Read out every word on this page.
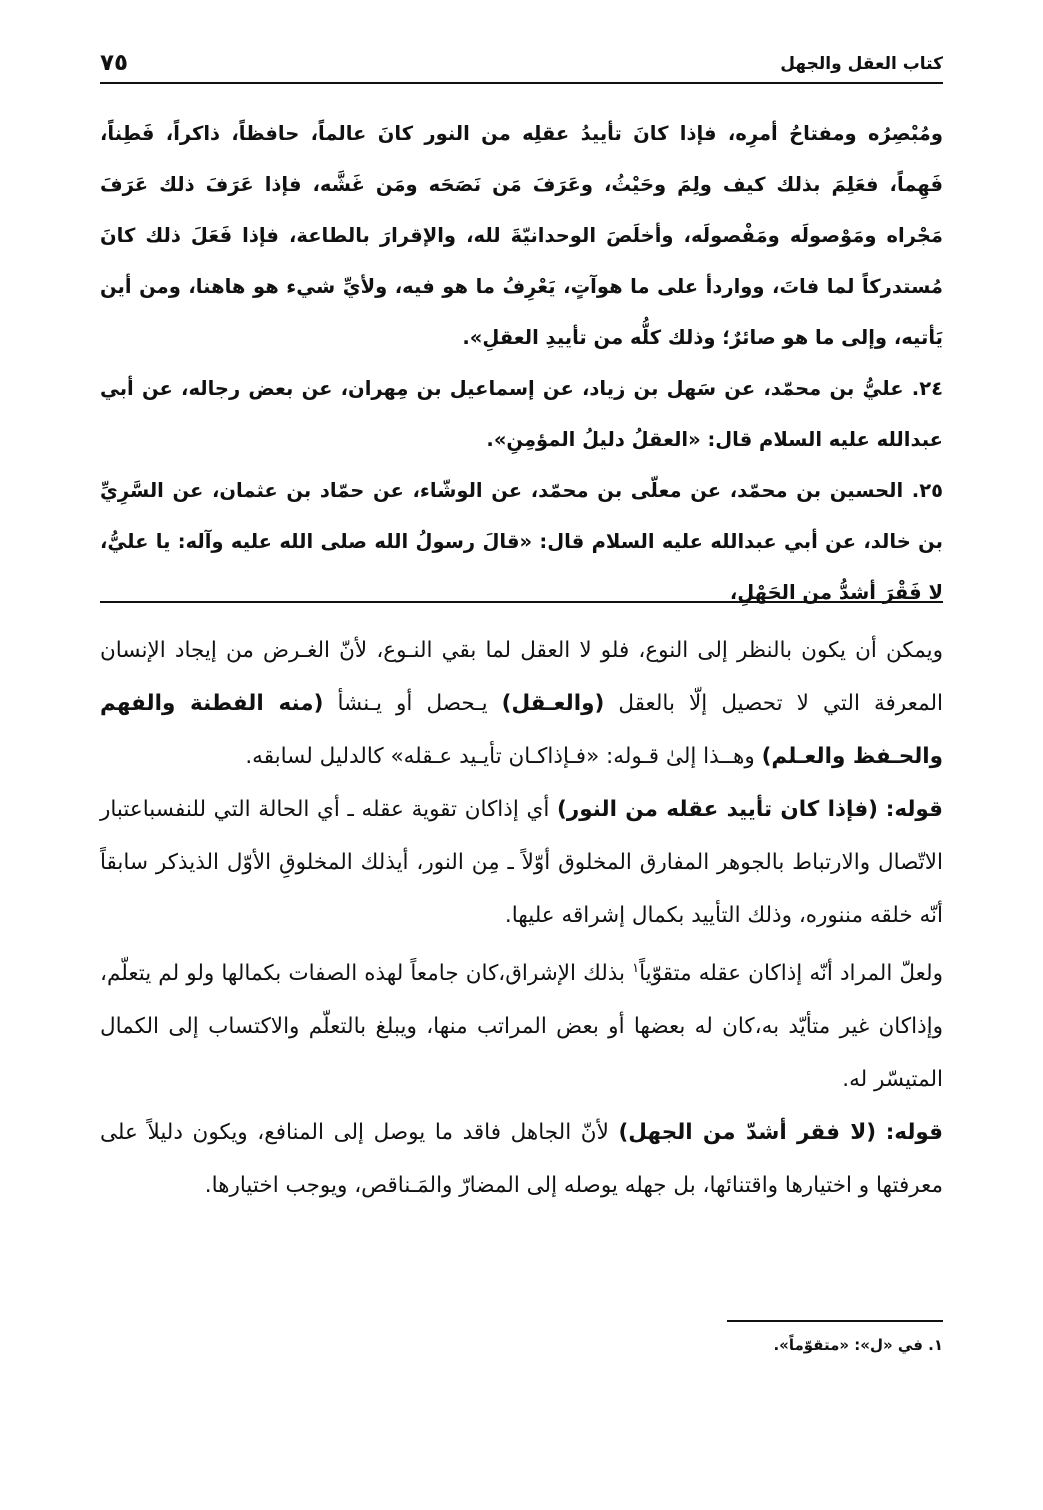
كتاب العقل والجهل
٧٥

ومُبْصِرُه ومفتاحُ أمرِه، فإذا كانَ تأييدُ عقلِه من النور كانَ عالماً، حافظاً، ذاكراً، فَطِناً، فَهِماً، فعَلِمَ بذلك كيف ولِمَ وحَيْثُ، وعَرَفَ مَن نَصَحَه ومَن غَشَّه، فإذا عَرَفَ ذلك عَرَفَ مَجْراه ومَوْصولَه ومَفْصولَه، وأخلَصَ الوحدانيّةَ لله، والإقرارَ بالطاعة، فإذا فَعَلَ ذلك كانَ مُستدركاً لما فاتَ، وواردأ على ما هوآتٍ، يَعْرِفُ ما هو فيه، ولأيِّ شيء هو هاهنا، ومن أين يَأتيه، وإلى ما هو صائرٌ؛ وذلك كلُّه من تأييدِ العقلِ».

٢٤. عليُّ بن محمّد، عن سَهل بن زياد، عن إسماعيل بن مِهران، عن بعض رجاله، عن أبي عبدالله عليه السلام قال: «العقلُ دليلُ المؤمِنِ».

٢٥. الحسين بن محمّد، عن معلّى بن محمّد، عن الوشّاء، عن حمّاد بن عثمان، عن السَّرِيِّ بن خالد، عن أبي عبدالله عليه السلام قال: «قالَ رسولُ الله صلى الله عليه وآله: يا عليُّ، لا فَقْرَ أشدُّ من الجَهْلِ،

ويمكن أن يكون بالنظر إلى النوع، فلو لا العقل لما بقي النـوع، لأنّ الغـرض من إيجاد الإنسان المعرفة التي لا تحصيل إلّا بالعقل (والعـقل) يـحصل أو يـنشأ (منه الفطنة والفهم والحـفظ والعـلم) وهــذا إلىٰ قـوله: «فـإذاكـان تأيـيد عـقله» كالدليل لسابقه.

قوله: (فإذا كان تأييد عقله من النور) أي إذاكان تقوية عقله ـ أي الحالة التي للنفسباعتبار الاتّصال والارتباط بالجوهر المفارق المخلوق أوّلاً ـ مِن النور، أيذلك المخلوقِ الأوّل الذيذكر سابقاً أنّه خلقه مننوره، وذلك التأييد بكمال إشراقه عليها.

ولعلّ المراد أنّه إذاكان عقله متقوّياً$^١$ بذلك الإشراق،كان جامعاً لهذه الصفات بكمالها ولو لم يتعلّم، وإذاكان غير متأيّد به،كان له بعضها أو بعض المراتب منها، ويبلغ بالتعلّم والاكتساب إلى الكمال المتيسّر له.

قوله: (لا فقر أشدّ من الجهل) لأنّ الجاهل فاقد ما يوصل إلى المنافع، ويكون دليلاً على معرفتها و اختيارها واقتنائها، بل جهله يوصله إلى المضارّ والمَـناقص، ويوجب اختيارها.

١. في «ل»: «متقوّماً».
